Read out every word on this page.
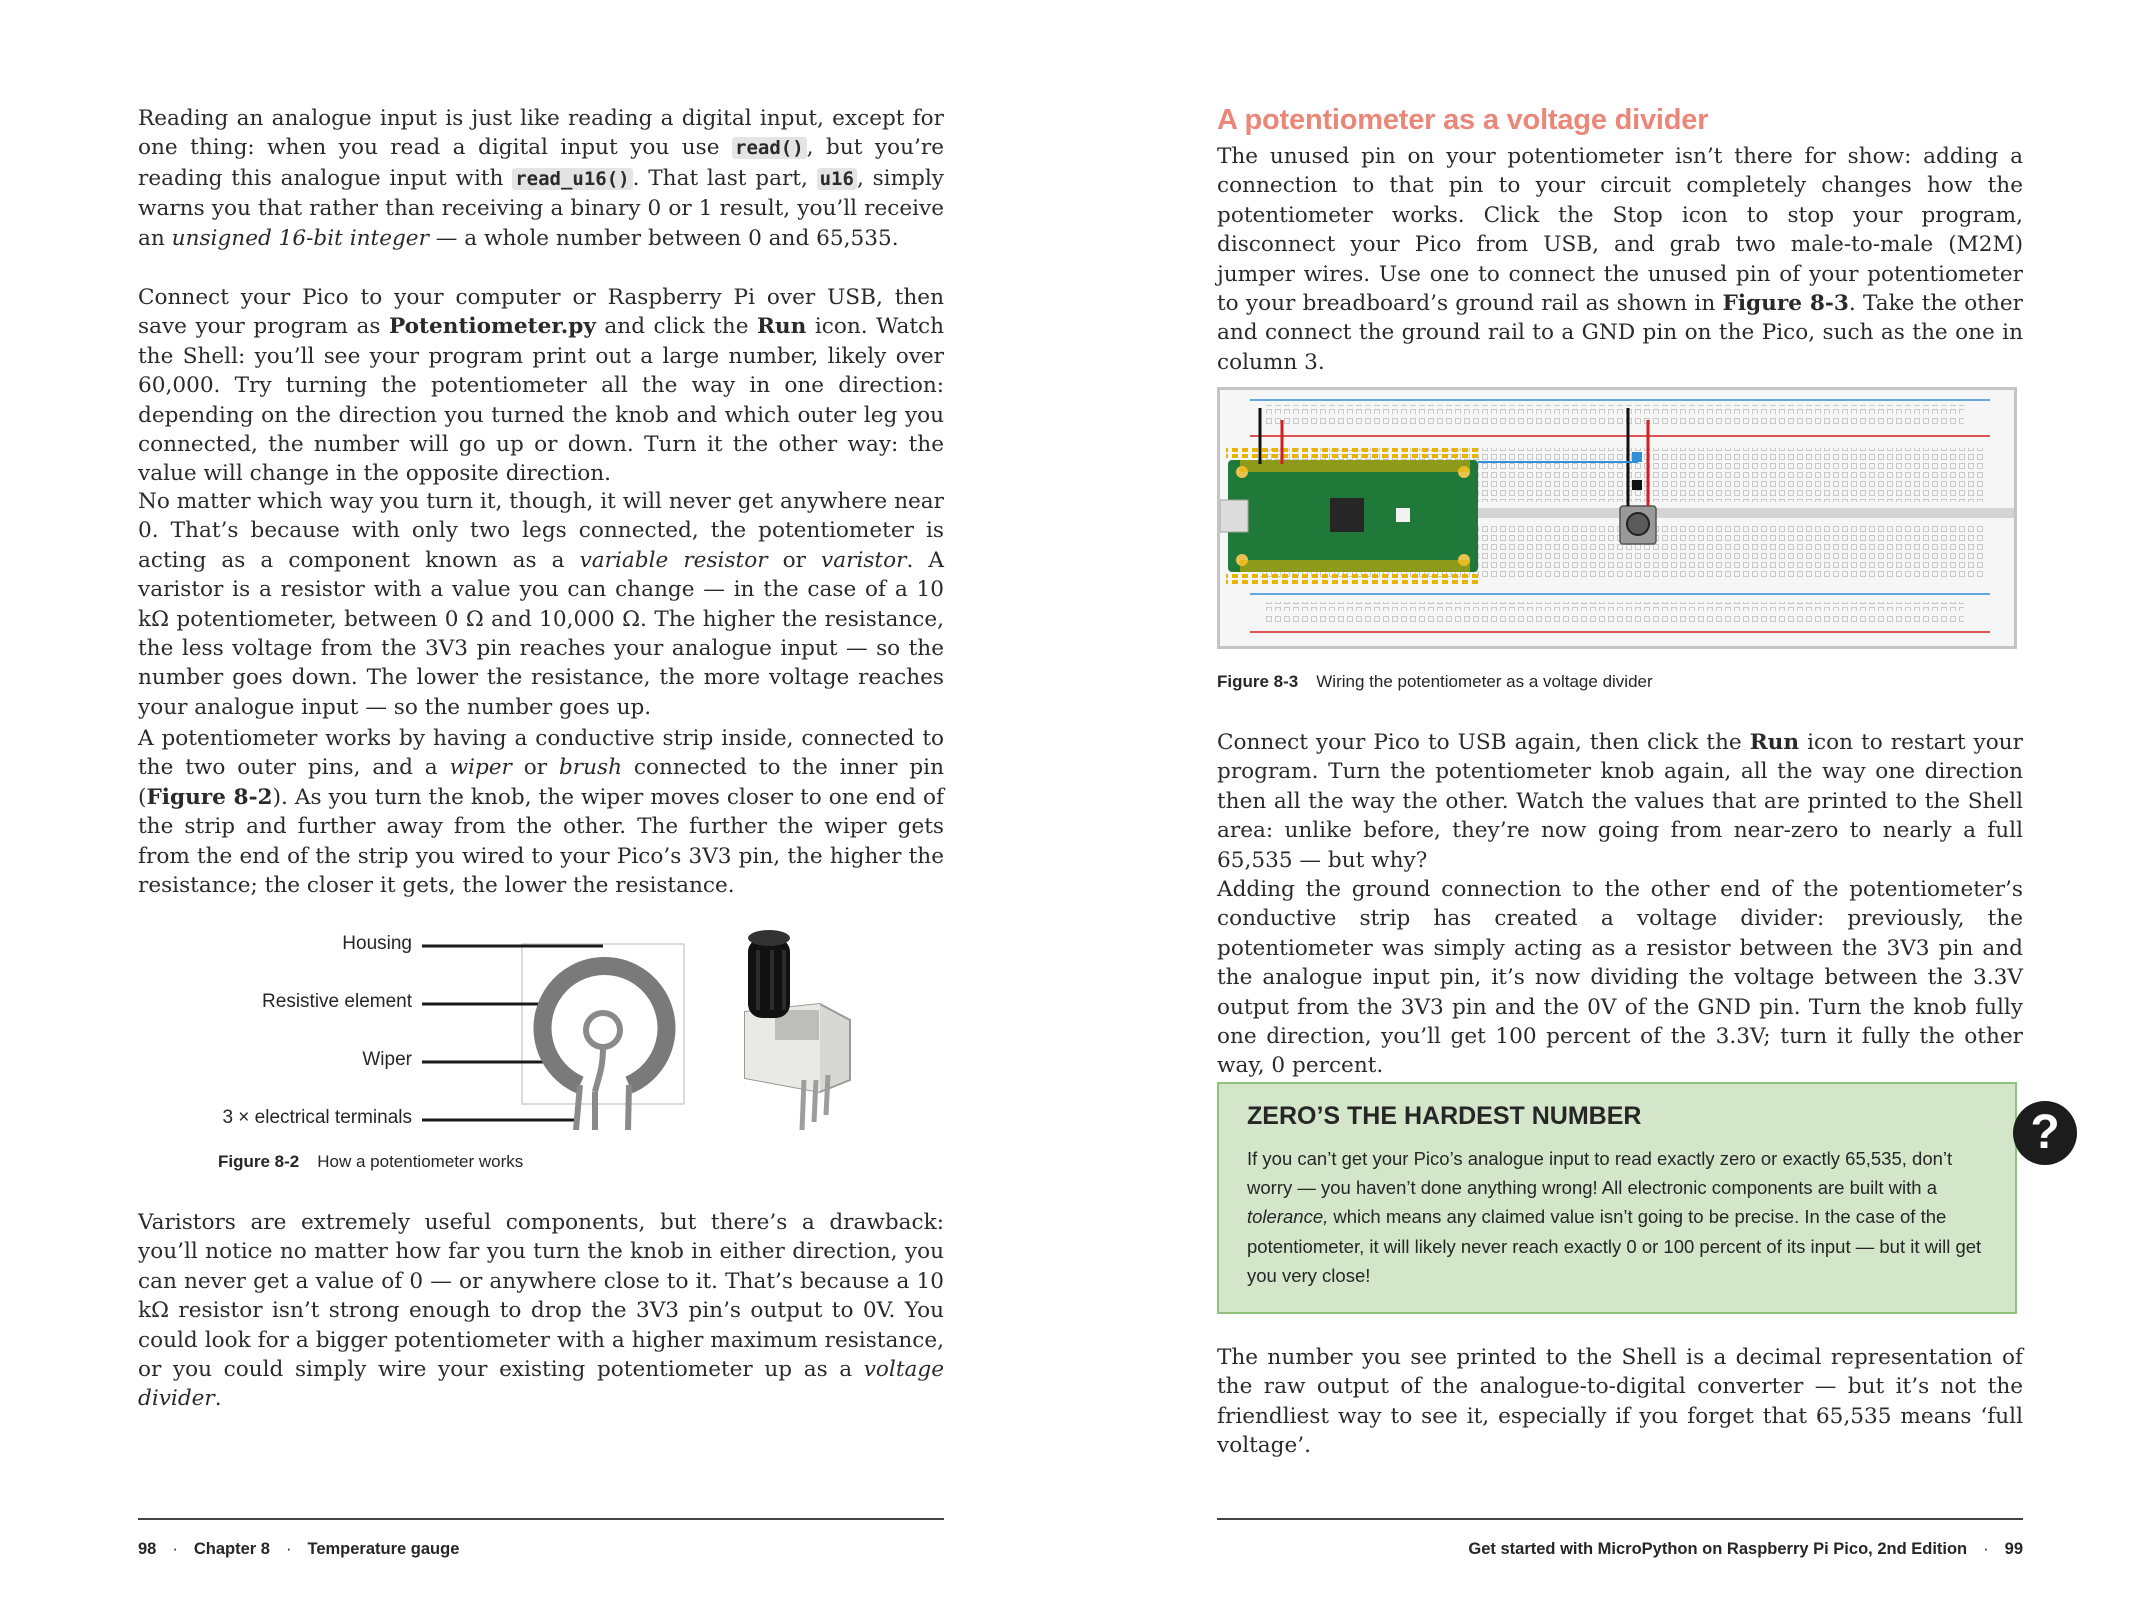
Reading an analogue input is just like reading a digital input, except for one thing: when you read a digital input you use read() , but you’re reading this analogue input with read_u16() . That last part, u16 , simply warns you that rather than receiving a binary 0 or 1 result, you’ll receive an unsigned 16-bit integer — a whole number between 0 and 65,535.

Connect your Pico to your computer or Raspberry Pi over USB, then save your program as Potentiometer.py and click the Run icon. Watch the Shell: you’ll see your program print out a large number, likely over 60,000. Try turning the potentiometer all the way in one direction: depending on the direction you turned the knob and which outer leg you connected, the number will go up or down. Turn it the other way: the value will change in the opposite direction.

No matter which way you turn it, though, it will never get anywhere near 0. That’s because with only two legs connected, the potentiometer is acting as a component known as a variable resistor or varistor. A varistor is a resistor with a value you can change — in the case of a 10 kΩ potentiometer, between 0 Ω and 10,000 Ω. The higher the resistance, the less voltage from the 3V3 pin reaches your analogue input — so the number goes down. The lower the resistance, the more voltage reaches your analogue input — so the number goes up.

A potentiometer works by having a conductive strip inside, connected to the two outer pins, and a wiper or brush connected to the inner pin (Figure 8-2). As you turn the knob, the wiper moves closer to one end of the strip and further away from the other. The further the wiper gets from the end of the strip you wired to your Pico’s 3V3 pin, the higher the resistance; the closer it gets, the lower the resistance.

Housing
Resistive element
Wiper
3 × electrical terminals
Figure 8-2 How a potentiometer works

Varistors are extremely useful components, but there’s a drawback: you’ll notice no matter how far you turn the knob in either direction, you can never get a value of 0 — or anywhere close to it. That’s because a 10 kΩ resistor isn’t strong enough to drop the 3V3 pin’s output to 0V. You could look for a bigger potentiometer with a higher maximum resistance, or you could simply wire your existing potentiometer up as a voltage divider.

98 · Chapter 8 · Temperature gauge
A potentiometer as a voltage divider

The unused pin on your potentiometer isn’t there for show: adding a connection to that pin to your circuit completely changes how the potentiometer works. Click the Stop icon to stop your program, disconnect your Pico from USB, and grab two male-to-male (M2M) jumper wires. Use one to connect the unused pin of your potentiometer to your breadboard’s ground rail as shown in Figure 8-3. Take the other and connect the ground rail to a GND pin on the Pico, such as the one in column 3.

Figure 8-3 Wiring the potentiometer as a voltage divider

Connect your Pico to USB again, then click the Run icon to restart your program. Turn the potentiometer knob again, all the way one direction then all the way the other. Watch the values that are printed to the Shell area: unlike before, they’re now going from near-zero to nearly a full 65,535 — but why?

Adding the ground connection to the other end of the potentiometer’s conductive strip has created a voltage divider: previously, the potentiometer was simply acting as a resistor between the 3V3 pin and the analogue input pin, it’s now dividing the voltage between the 3.3V output from the 3V3 pin and the 0V of the GND pin. Turn the knob fully one direction, you’ll get 100 percent of the 3.3V; turn it fully the other way, 0 percent.

ZERO’S THE HARDEST NUMBER

If you can’t get your Pico’s analogue input to read exactly zero or exactly 65,535, don’t worry — you haven’t done anything wrong! All electronic components are built with a tolerance, which means any claimed value isn’t going to be precise. In the case of the potentiometer, it will likely never reach exactly 0 or 100 percent of its input — but it will get you very close!

?

The number you see printed to the Shell is a decimal representation of the raw output of the analogue-to-digital converter — but it’s not the friendliest way to see it, especially if you forget that 65,535 means ‘full voltage’.

Get started with MicroPython on Raspberry Pi Pico, 2nd Edition · 99
